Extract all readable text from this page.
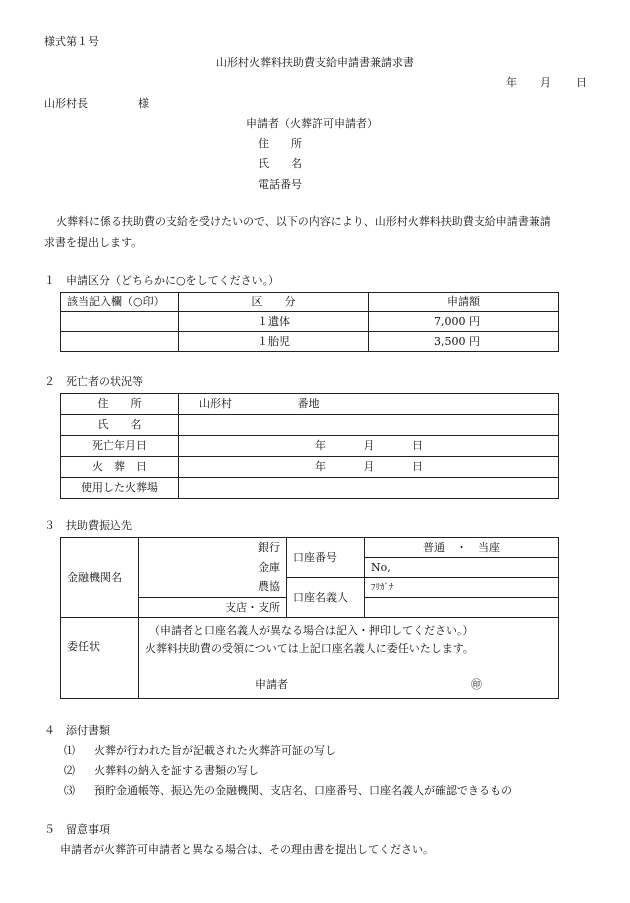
様式第１号
山形村火葬料扶助費支給申請書兼請求書
年 月 日
山形村長	様
申請者（火葬許可申請者）
住　　所
氏　　名
電話番号
火葬料に係る扶助費の支給を受けたいので、以下の内容により、山形村火葬料扶助費支給申請書兼請
求書を提出します。
１　申請区分（どちらかに○をしてください。）
該当記入欄（○印）	区　　分	申請額
	１遺体	7,000 円
	１胎児	3,500 円
２　死亡者の状況等
住　　所	山形村 番地
氏　　名	
死亡年月日	年 月 日
火　葬　日	年 月 日
使用した火葬場	
３　扶助費振込先
金融機関名	銀行	口座番号	普通　・　当座
	金庫		No,
	農協	口座名義人	ﾌﾘｶﾞﾅ
	支店・支所		
委任状	（申請者と口座名義人が異なる場合は記入・押印してください。）
火葬料扶助費の受領については上記口座名義人に委任いたします。
申請者 ㊞		
４　添付書類
⑴ 火葬が行われた旨が記載された火葬許可証の写し
⑵ 火葬料の納入を証する書類の写し
⑶ 預貯金通帳等、振込先の金融機関、支店名、口座番号、口座名義人が確認できるもの
５　留意事項
申請者が火葬許可申請者と異なる場合は、その理由書を提出してください。
